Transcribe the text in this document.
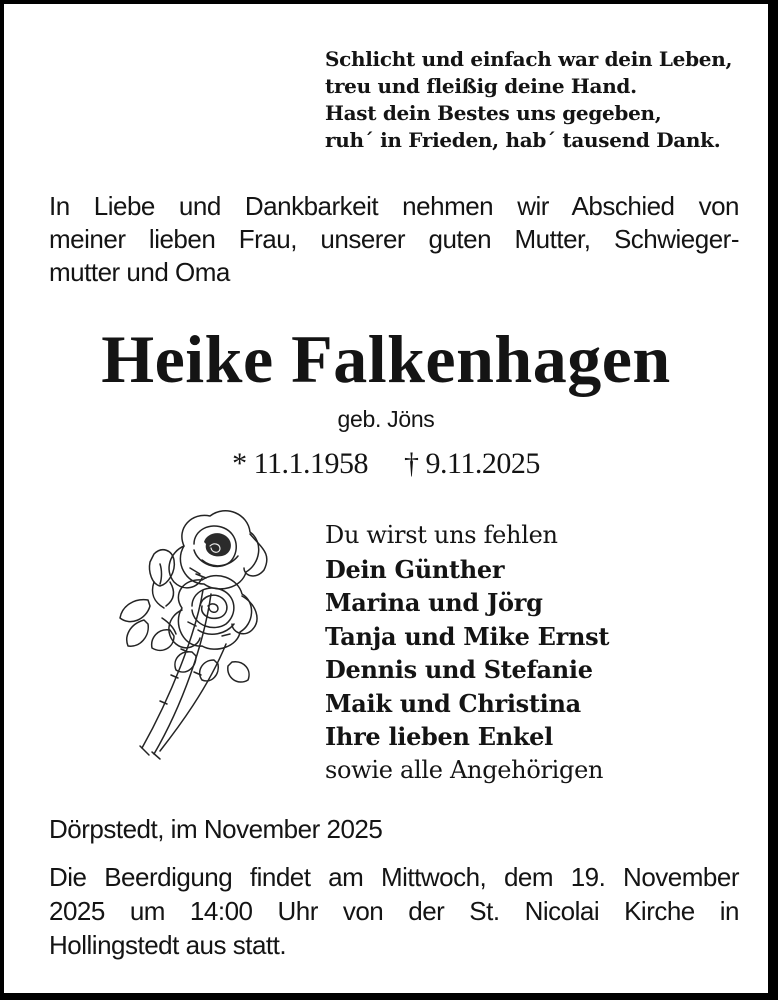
Schlicht und einfach war dein Leben,
treu und fleißig deine Hand.
Hast dein Bestes uns gegeben,
ruh´ in Frieden, hab´ tausend Dank.
In Liebe und Dankbarkeit nehmen wir Abschied von
meiner lieben Frau, unserer guten Mutter, Schwieger-
mutter und Oma
Heike Falkenhagen
geb. Jöns
* 11.1.1958 † 9.11.2025
Du wirst uns fehlen
Dein Günther
Marina und Jörg
Tanja und Mike Ernst
Dennis und Stefanie
Maik und Christina
Ihre lieben Enkel
sowie alle Angehörigen
Dörpstedt, im November 2025
Die Beerdigung findet am Mittwoch, dem 19. November
2025 um 14:00 Uhr von der St. Nicolai Kirche in
Hollingstedt aus statt.
